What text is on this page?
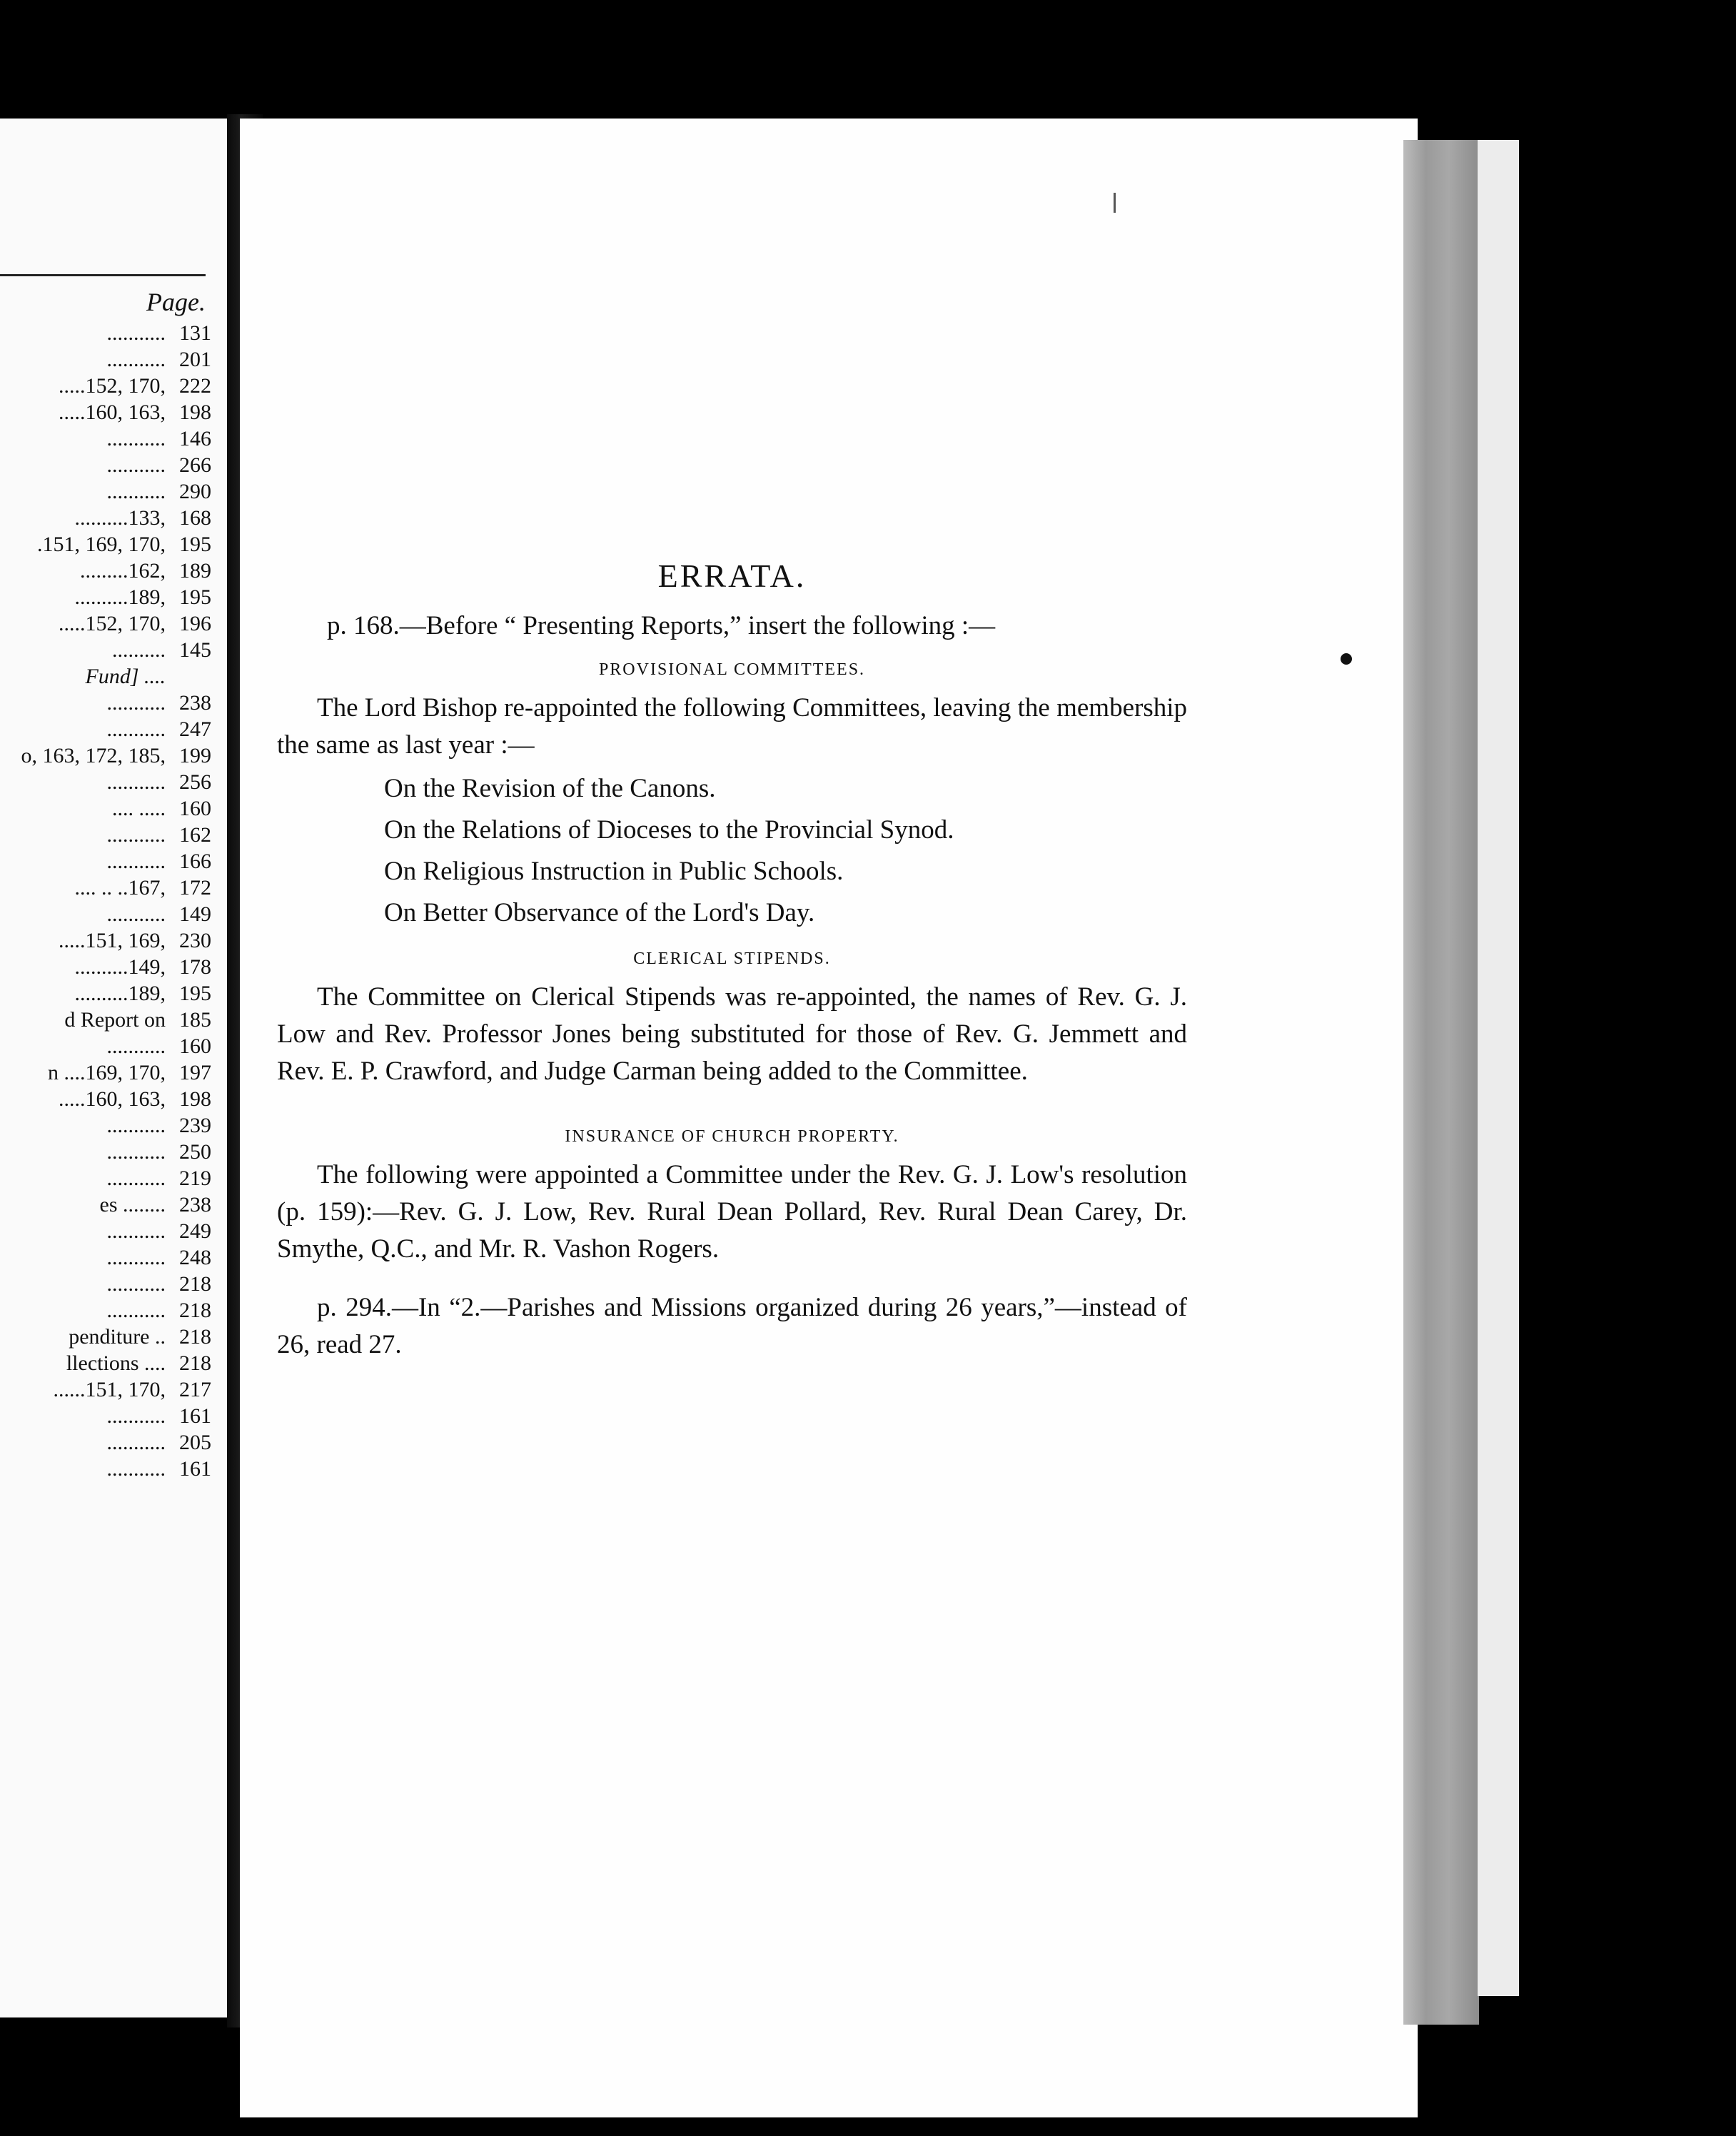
Page.
........... 131
........... 201
.....152, 170, 222
.....160, 163, 198
........... 146
........... 266
........... 290
..........133, 168
.151, 169, 170, 195
.........162, 189
..........189, 195
.....152, 170, 196
.......... 145
Fund] ....
........... 238
........... 247
o, 163, 172, 185, 199
........... 256
.... ..... 160
........... 162
........... 166
.... .. ..167, 172
........... 149
.....151, 169, 230
..........149, 178
..........189, 195
d Report on 185
........... 160
n ....169, 170, 197
.....160, 163, 198
........... 239
........... 250
........... 219
es ........ 238
........... 249
........... 248
........... 218
........... 218
penditure .. 218
llections .... 218
......151, 170, 217
........... 161
........... 205
........... 161
ERRATA.

p. 168.—Before “ Presenting Reports,” insert the following :—

PROVISIONAL COMMITTEES.

The Lord Bishop re-appointed the following Committees, leaving the membership the same as last year :—

On the Revision of the Canons.
On the Relations of Dioceses to the Provincial Synod.
On Religious Instruction in Public Schools.
On Better Observance of the Lord's Day.
CLERICAL STIPENDS.

The Committee on Clerical Stipends was re-appointed, the names of Rev. G. J. Low and Rev. Professor Jones being substituted for those of Rev. G. Jemmett and Rev. E. P. Crawford, and Judge Carman being added to the Committee.

INSURANCE OF CHURCH PROPERTY.

The following were appointed a Committee under the Rev. G. J. Low's resolution (p. 159):—Rev. G. J. Low, Rev. Rural Dean Pollard, Rev. Rural Dean Carey, Dr. Smythe, Q.C., and Mr. R. Vashon Rogers.

p. 294.—In “2.—Parishes and Missions organized during 26 years,”—instead of 26, read 27.
